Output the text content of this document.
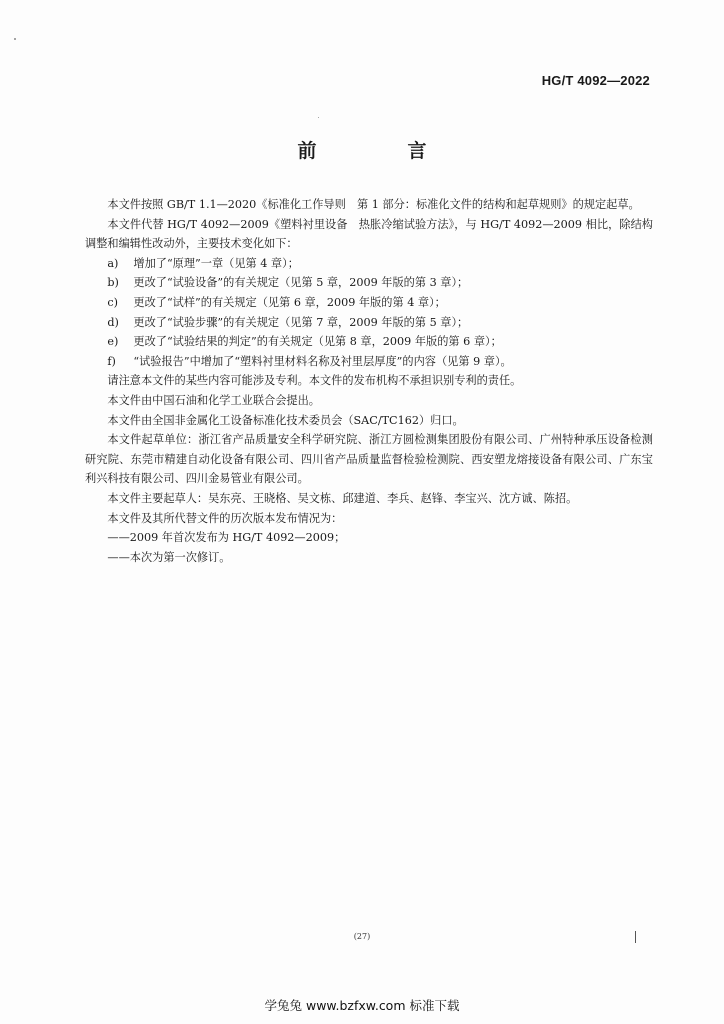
HG/T 4092—2022
前　言

本文件按照 GB/T 1.1—2020《标准化工作导则　第 1 部分：标准化文件的结构和起草规则》的规定起草。

本文件代替 HG/T 4092—2009《塑料衬里设备　热胀冷缩试验方法》，与 HG/T 4092—2009 相比，除结构调整和编辑性改动外，主要技术变化如下：

a) 增加了“原理”一章（见第 4 章）；
b) 更改了“试验设备”的有关规定（见第 5 章，2009 年版的第 3 章）；
c) 更改了“试样”的有关规定（见第 6 章，2009 年版的第 4 章）；
d) 更改了“试验步骤”的有关规定（见第 7 章，2009 年版的第 5 章）；
e) 更改了“试验结果的判定”的有关规定（见第 8 章，2009 年版的第 6 章）；
f) “试验报告”中增加了“塑料衬里材料名称及衬里层厚度”的内容（见第 9 章）。

请注意本文件的某些内容可能涉及专利。本文件的发布机构不承担识别专利的责任。

本文件由中国石油和化学工业联合会提出。

本文件由全国非金属化工设备标准化技术委员会（SAC/TC162）归口。

本文件起草单位：浙江省产品质量安全科学研究院、浙江方圆检测集团股份有限公司、广州特种承压设备检测研究院、东莞市精建自动化设备有限公司、四川省产品质量监督检验检测院、西安塑龙熔接设备有限公司、广东宝利兴科技有限公司、四川金易管业有限公司。

本文件主要起草人：吴东亮、王晓格、吴文栋、邱建道、李兵、赵锋、李宝兴、沈方诚、陈招。

本文件及其所代替文件的历次版本发布情况为：

——2009 年首次发布为 HG/T 4092—2009；
——本次为第一次修订。
(27)
学兔兔 www.bzfxw.com 标准下载
